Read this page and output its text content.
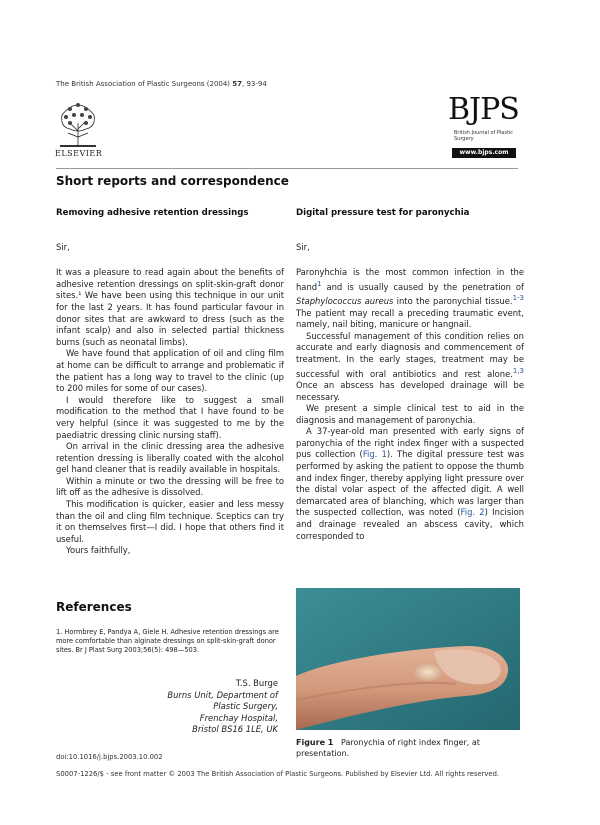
The British Association of Plastic Surgeons (2004) 57, 93-94
ELSEVIER
BJPS
British Journal of Plastic Surgery
www.bjps.com
Short reports and correspondence
Removing adhesive retention dressings
Sir,

It was a pleasure to read again about the benefits of adhesive retention dressings on split-skin-graft donor sites.¹ We have been using this technique in our unit for the last 2 years. It has found particular favour in donor sites that are awkward to dress (such as the infant scalp) and also in selected partial thickness burns (such as neonatal limbs).

We have found that application of oil and cling film at home can be difficult to arrange and problematic if the patient has a long way to travel to the clinic (up to 200 miles for some of our cases).

I would therefore like to suggest a small modification to the method that I have found to be very helpful (since it was suggested to me by the paediatric dressing clinic nursing staff).

On arrival in the clinic dressing area the adhesive retention dressing is liberally coated with the alcohol gel hand cleaner that is readily available in hospitals.

Within a minute or two the dressing will be free to lift off as the adhesive is dissolved.

This modification is quicker, easier and less messy than the oil and cling film technique. Sceptics can try it on themselves first—I did. I hope that others find it useful.

Yours faithfully,

References
1. Hormbrey E, Pandya A, Giele H. Adhesive retention dressings are more comfortable than alginate dressings on split-skin-graft donor sites. Br J Plast Surg 2003;56(5): 498—503.
T.S. Burge
Burns Unit, Department of Plastic Surgery,
Frenchay Hospital,
Bristol BS16 1LE, UK
doi:10.1016/j.bjps.2003.10.002
Digital pressure test for paronychia
Sir,

Paronyhchia is the most common infection in the hand$^1$ and is usually caused by the penetration of Staphylococcus aureus into the paronychial tissue.$^{1-3}$ The patient may recall a preceding traumatic event, namely, nail biting, manicure or hangnail.

Successful management of this condition relies on accurate and early diagnosis and commencement of treatment. In the early stages, treatment may be successful with oral antibiotics and rest alone.$^{1,3}$ Once an abscess has developed drainage will be necessary.

We present a simple clinical test to aid in the diagnosis and management of paronychia.

A 37-year-old man presented with early signs of paronychia of the right index finger with a suspected pus collection (Fig. 1). The digital pressure test was performed by asking the patient to oppose the thumb and index finger, thereby applying light pressure over the distal volar aspect of the affected digit. A well demarcated area of blanching, which was larger than the suspected collection, was noted (Fig. 2) Incision and drainage revealed an abscess cavity, which corresponded to

Figure 1 Paronychia of right index finger, at presentation.
S0007-1226/$ - see front matter © 2003 The British Association of Plastic Surgeons. Published by Elsevier Ltd. All rights reserved.
